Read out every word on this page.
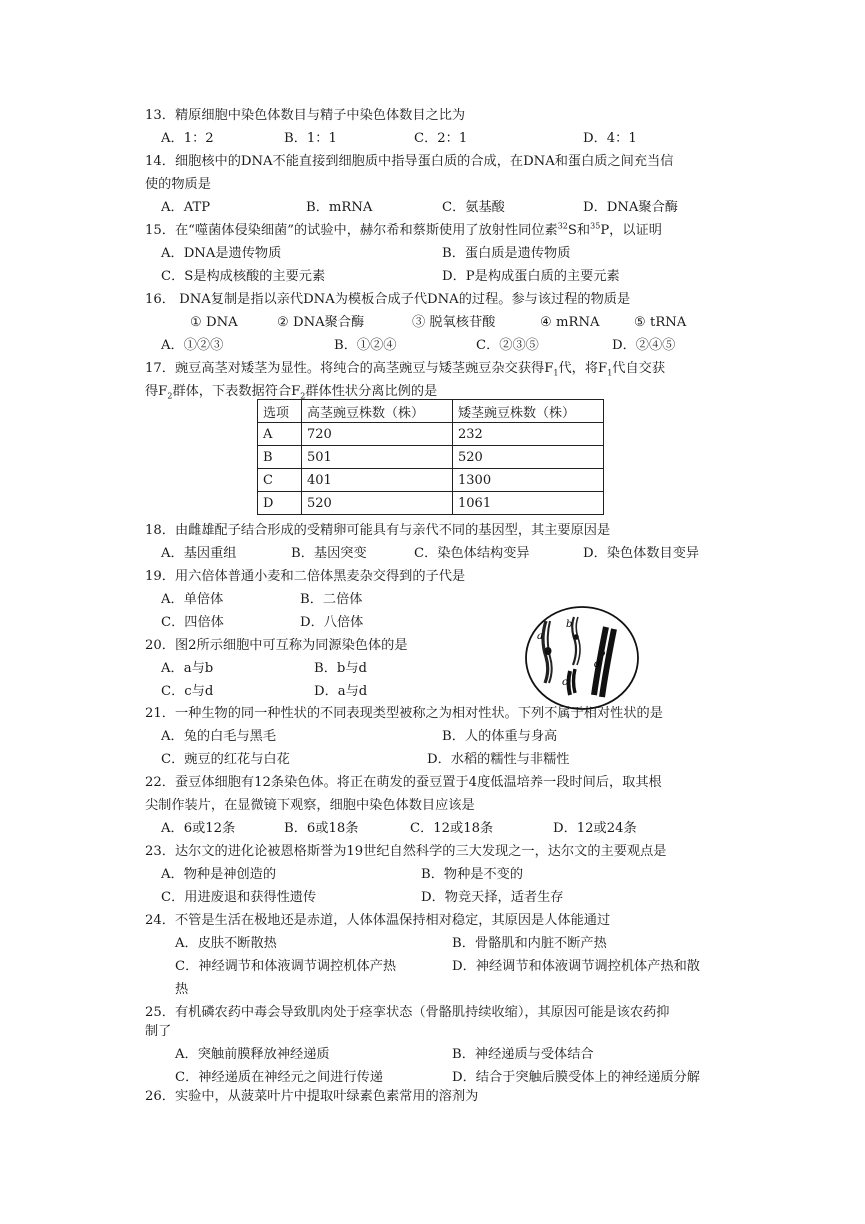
13．精原细胞中染色体数目与精子中染色体数目之比为
A．1：2	B．1：1	C．2：1	D．4：1
14．细胞核中的DNA不能直接到细胞质中指导蛋白质的合成，在DNA和蛋白质之间充当信
使的物质是
A．ATP	B．mRNA	C．氨基酸	D．DNA聚合酶
15．在“噬菌体侵染细菌”的试验中，赫尔希和蔡斯使用了放射性同位素$^{32}$S和$^{35}$P，以证明
A．DNA是遗传物质	B．蛋白质是遗传物质
C．S是构成核酸的主要元素	D．P是构成蛋白质的主要元素
16． DNA复制是指以亲代DNA为模板合成子代DNA的过程。参与该过程的物质是
① DNA	② DNA聚合酶	③ 脱氧核苷酸	④ mRNA	⑤ tRNA
A．①②③	B．①②④	C．②③⑤	D．②④⑤
17．豌豆高茎对矮茎为显性。将纯合的高茎豌豆与矮茎豌豆杂交获得$F_1$代，将$F_1$代自交获
得$F_2$群体，下表数据符合$F_2$群体性状分离比例的是
选项	高茎豌豆株数（株）	矮茎豌豆株数（株）
A	720	232
B	501	520
C	401	1300
D	520	1061
18．由雌雄配子结合形成的受精卵可能具有与亲代不同的基因型，其主要原因是
A．基因重组	B．基因突变	C．染色体结构变异	D．染色体数目变异
19．用六倍体普通小麦和二倍体黑麦杂交得到的子代是
A．单倍体	B．二倍体
C．四倍体	D．八倍体
20．图2所示细胞中可互称为同源染色体的是
A．a与b	B．b与d
C．c与d	D．a与d
a
b
c
d
21．一种生物的同一种性状的不同表现类型被称之为相对性状。下列不属于相对性状的是
A．兔的白毛与黑毛	B．人的体重与身高
C．豌豆的红花与白花	D．水稻的糯性与非糯性
22．蚕豆体细胞有12条染色体。将正在萌发的蚕豆置于4度低温培养一段时间后，取其根
尖制作装片，在显微镜下观察，细胞中染色体数目应该是
A．6或12条	B．6或18条	C．12或18条	D．12或24条
23．达尔文的进化论被恩格斯誉为19世纪自然科学的三大发现之一，达尔文的主要观点是
A．物种是神创造的	B．物种是不变的
C．用进废退和获得性遗传	D．物竞天择，适者生存
24．不管是生活在极地还是赤道，人体体温保持相对稳定，其原因是人体能通过
A．皮肤不断散热	B．骨骼肌和内脏不断产热
C．神经调节和体液调节调控机体产热	D．神经调节和体液调节调控机体产热和散
热
25．有机磷农药中毒会导致肌肉处于痉挛状态（骨骼肌持续收缩），其原因可能是该农药抑
制了
A．突触前膜释放神经递质	B．神经递质与受体结合
C．神经递质在神经元之间进行传递	D．结合于突触后膜受体上的神经递质分解
26．实验中，从菠菜叶片中提取叶绿素色素常用的溶剂为
